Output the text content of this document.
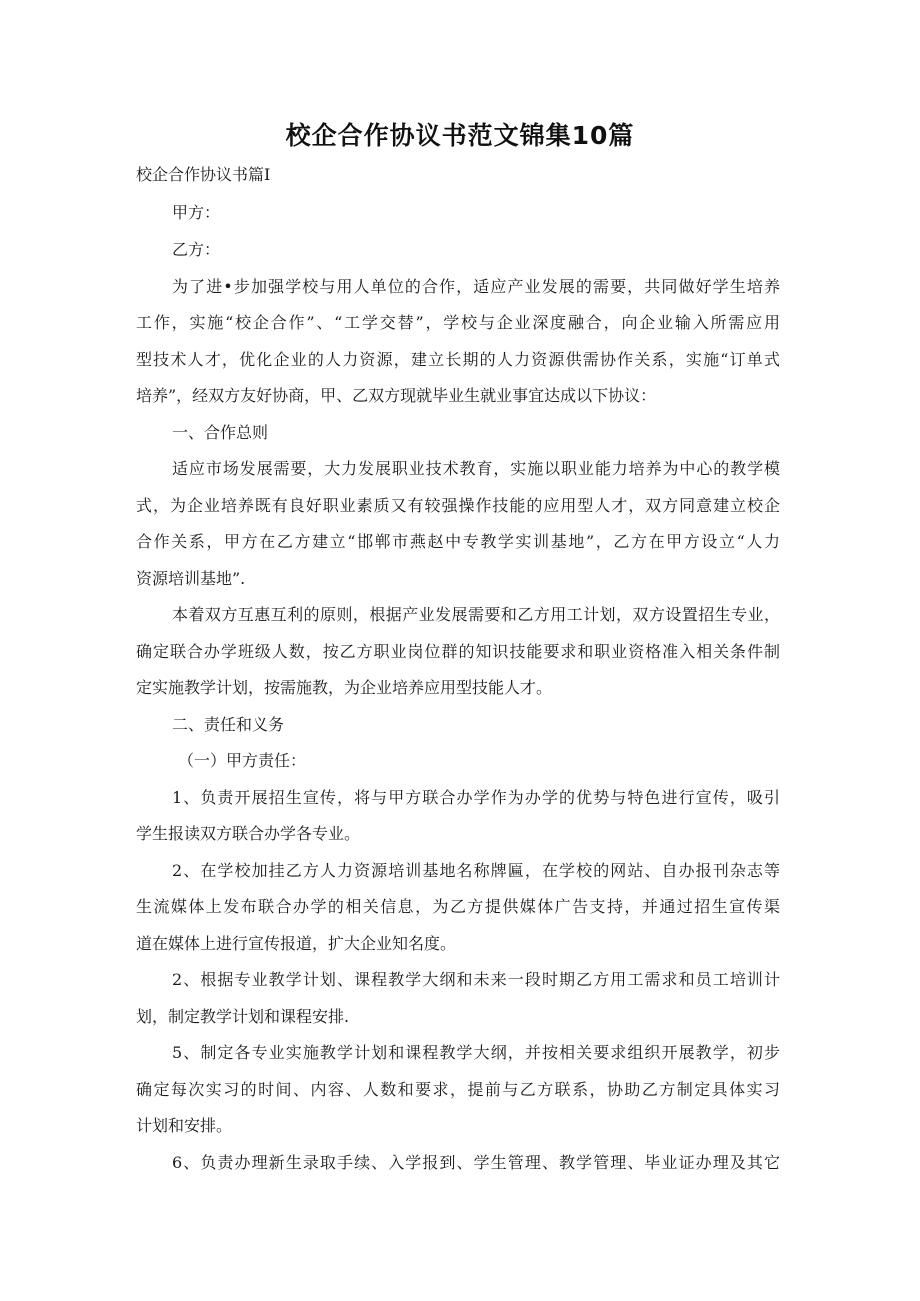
校企合作协议书范文锦集10篇
校企合作协议书篇I
甲方：
乙方：
为了进•步加强学校与用人单位的合作，适应产业发展的需要，共同做好学生培养
工作，实施“校企合作”、“工学交替”，学校与企业深度融合，向企业输入所需应用
型技术人才，优化企业的人力资源，建立长期的人力资源供需协作关系，实施“订单式
培养”，经双方友好协商，甲、乙双方现就毕业生就业事宜达成以下协议：
一、合作总则
适应市场发展需要，大力发展职业技术教育，实施以职业能力培养为中心的教学模
式，为企业培养既有良好职业素质又有较强操作技能的应用型人才，双方同意建立校企
合作关系，甲方在乙方建立“邯郸市燕赵中专教学实训基地”，乙方在甲方设立“人力
资源培训基地”.
本着双方互惠互利的原则，根据产业发展需要和乙方用工计划，双方设置招生专业，
确定联合办学班级人数，按乙方职业岗位群的知识技能要求和职业资格准入相关条件制
定实施教学计划，按需施教，为企业培养应用型技能人才。
二、责任和义务
（一）甲方责任：
1、负责开展招生宣传，将与甲方联合办学作为办学的优势与特色进行宣传，吸引
学生报读双方联合办学各专业。
2、在学校加挂乙方人力资源培训基地名称牌匾，在学校的网站、自办报刊杂志等
生流媒体上发布联合办学的相关信息，为乙方提供媒体广告支持，并通过招生宣传渠
道在媒体上进行宣传报道，扩大企业知名度。
2、根据专业教学计划、课程教学大纲和未来一段时期乙方用工需求和员工培训计
划，制定教学计划和课程安排.
5、制定各专业实施教学计划和课程教学大纲，并按相关要求组织开展教学，初步
确定每次实习的时间、内容、人数和要求，提前与乙方联系，协助乙方制定具体实习
计划和安排。
6、负责办理新生录取手续、入学报到、学生管理、教学管理、毕业证办理及其它
